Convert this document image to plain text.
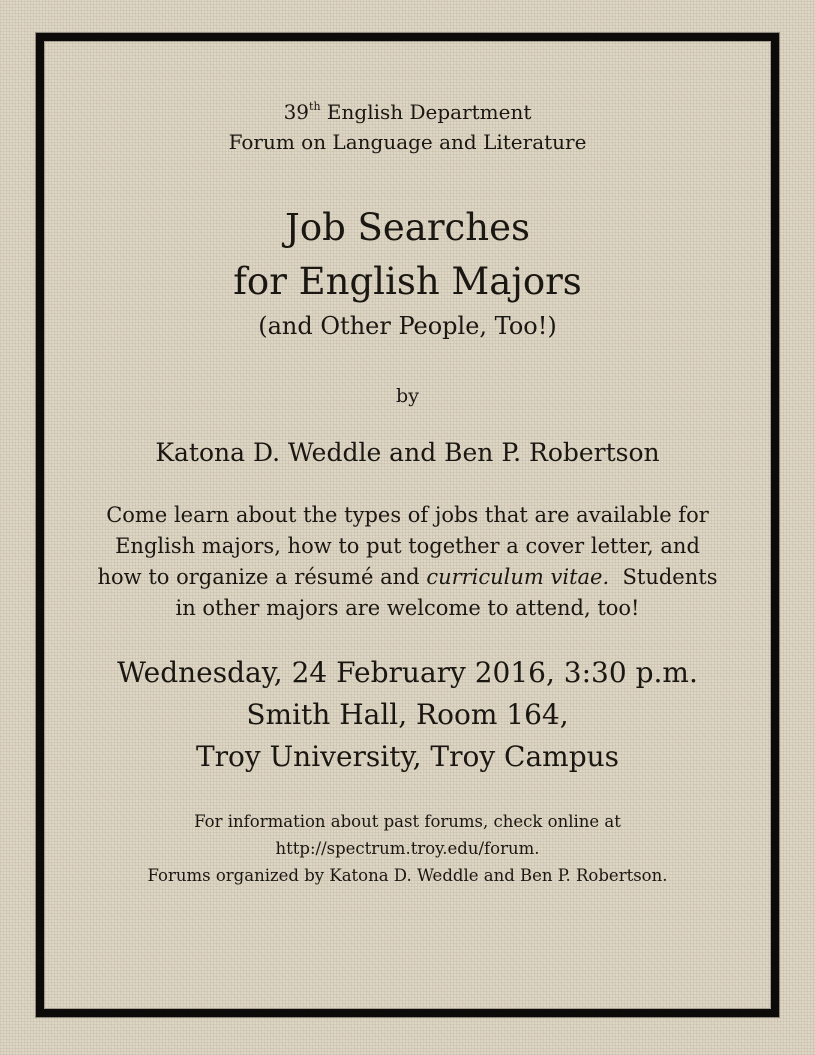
39th English Department

Forum on Language and Literature

Job Searches

for English Majors

(and Other People, Too!)

by
Katona D. Weddle and Ben P. Robertson

Come learn about the types of jobs that are available for

English majors, how to put together a cover letter, and

how to organize a résumé and curriculum vitae. Students

in other majors are welcome to attend, too!

Wednesday, 24 February 2016, 3:30 p.m.

Smith Hall, Room 164,

Troy University, Troy Campus

For information about past forums, check online at

http://spectrum.troy.edu/forum.

Forums organized by Katona D. Weddle and Ben P. Robertson.
